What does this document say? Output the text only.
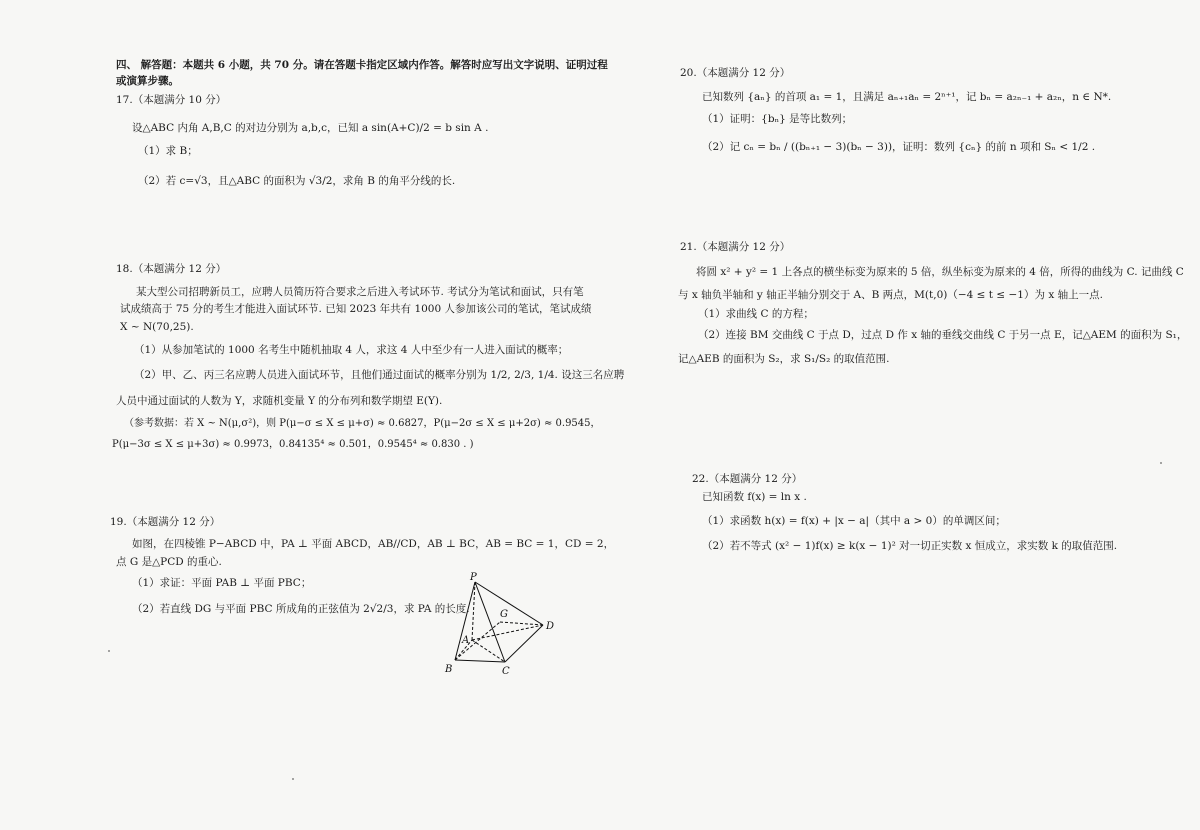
四、 解答题：本题共 6 小题，共 70 分。请在答题卡指定区域内作答。解答时应写出文字说明、证明过程
或演算步骤。
17.（本题满分 10 分）
设△ABC 内角 A,B,C 的对边分别为 a,b,c，已知 a sin(A+C)/2 = b sin A .
（1）求 B；
（2）若 c=√3，且△ABC 的面积为 √3/2，求角 B 的角平分线的长.
18.（本题满分 12 分）
某大型公司招聘新员工，应聘人员简历符合要求之后进入考试环节. 考试分为笔试和面试，只有笔
试成绩高于 75 分的考生才能进入面试环节. 已知 2023 年共有 1000 人参加该公司的笔试，笔试成绩
X ~ N(70,25).
（1）从参加笔试的 1000 名考生中随机抽取 4 人，求这 4 人中至少有一人进入面试的概率；
（2）甲、乙、丙三名应聘人员进入面试环节，且他们通过面试的概率分别为 1/2, 2/3, 1/4. 设这三名应聘
人员中通过面试的人数为 Y，求随机变量 Y 的分布列和数学期望 E(Y).
（参考数据：若 X ~ N(μ,σ²)，则 P(μ−σ ≤ X ≤ μ+σ) ≈ 0.6827，P(μ−2σ ≤ X ≤ μ+2σ) ≈ 0.9545，
P(μ−3σ ≤ X ≤ μ+3σ) ≈ 0.9973，0.84135⁴ ≈ 0.501，0.9545⁴ ≈ 0.830 . )
19.（本题满分 12 分）
如图，在四棱锥 P−ABCD 中，PA ⊥ 平面 ABCD，AB//CD，AB ⊥ BC，AB = BC = 1，CD = 2，
点 G 是△PCD 的重心.
（1）求证：平面 PAB ⊥ 平面 PBC；
（2）若直线 DG 与平面 PBC 所成角的正弦值为 2√2/3，求 PA 的长度.
P
G
A
D
B	C
20.（本题满分 12 分）
已知数列 {aₙ} 的首项 a₁ = 1，且满足 aₙ₊₁aₙ = 2ⁿ⁺¹，记 bₙ = a₂ₙ₋₁ + a₂ₙ，n ∈ N*.
（1）证明：{bₙ} 是等比数列；
（2）记 cₙ = bₙ / ((bₙ₊₁ − 3)(bₙ − 3))，证明：数列 {cₙ} 的前 n 项和 Sₙ < 1/2 .
21.（本题满分 12 分）
将圆 x² + y² = 1 上各点的横坐标变为原来的 5 倍，纵坐标变为原来的 4 倍，所得的曲线为 C. 记曲线 C
与 x 轴负半轴和 y 轴正半轴分别交于 A、B 两点，M(t,0)（−4 ≤ t ≤ −1）为 x 轴上一点.
（1）求曲线 C 的方程；
（2）连接 BM 交曲线 C 于点 D，过点 D 作 x 轴的垂线交曲线 C 于另一点 E，记△AEM 的面积为 S₁，
记△AEB 的面积为 S₂，求 S₁/S₂ 的取值范围.
22.（本题满分 12 分）
已知函数 f(x) = ln x .
（1）求函数 h(x) = f(x) + |x − a|（其中 a > 0）的单调区间；
（2）若不等式 (x² − 1)f(x) ≥ k(x − 1)² 对一切正实数 x 恒成立，求实数 k 的取值范围.
